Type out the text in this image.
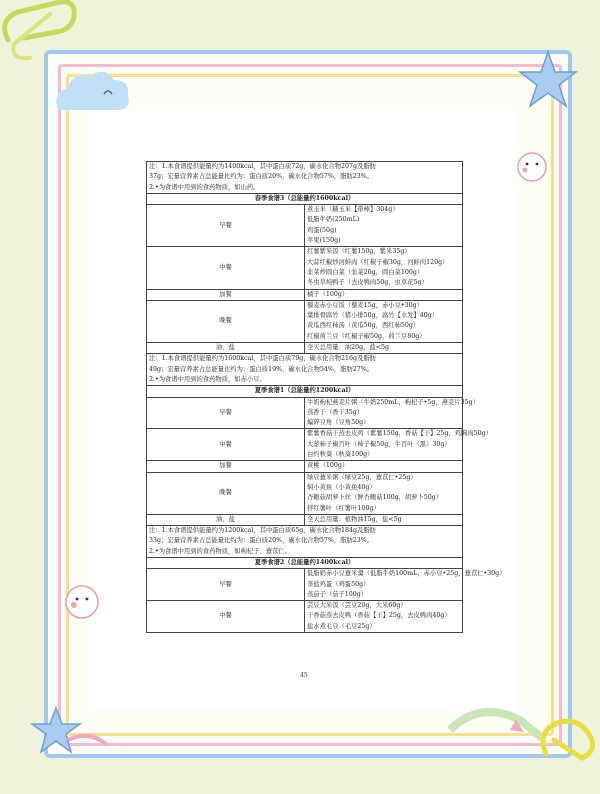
注：1.本食谱提供能量约为1400kcal，其中蛋白质72g，碳水化合物207g及脂肪
37g；宏量营养素占总能量比约为：蛋白质20%，碳水化合物57%，脂肪23%。
2.•为食谱中用到的食药物质，如山药。	

春季食谱3（总能量约1600kcal）	
早餐	煮玉米（糯玉米【带棒】304g）
低脂牛奶(250mL)
鸡蛋(50g)
苹果(150g)

中餐	红薯紫米饭（红薯150g，紫米35g）
大蒜红椒炒河蚌肉（红椒子椒30g，河蚌肉120g）
韭菜炒圆白菜（韭菜20g，圆白菜100g）
冬虫草炖鸭子（去皮鸭肉50g，虫草花5g）

加餐	橘子（100g）

晚餐	藜麦赤小豆饭（藜麦15g，赤小豆•30g）
葉排骨腐竹（猪小排50g，腐竹【水发】40g）
黄瓜西红柿汤（黄瓜50g，西红柿50g）
红椒荷兰豆（红椒子椒50g，荷兰豆80g）

油、盐	全天总用量：油20g，盐<5g

注：1.本食谱提供能量约为1600kcal，其中蛋白质79g，碳水化合物216g及脂肪
49g；宏量营养素占总能量比约为：蛋白质19%，碳水化合物54%，脂肪27%。
2.•为食谱中用到的食药物质，如赤小豆。	

夏季食谱1（总能量约1200kcal）	
早餐	牛奶枸杞燕麦片粥（牛奶250mL，枸杞子•5g，燕麦片35g）
蒸香干（香干35g）
煸碎豆角（豆角50g）

中餐	紫薯香菇干蒸去皮鸡（紫薯150g，香菇【干】25g，鸡胸肉50g）
大葱柿子椒百叶（柿子椒50g，牛百叶（黑）30g）
白灼秋葵（秋葵100g）

加餐	黄桃（100g）

晚餐	绿豆薏米粥（绿豆25g，薏苡仁•25g）
焖小黄鱼（小黄鱼40g）
杏鲍菇胡萝卜丝（鲜杏鲍菇100g，胡萝卜50g）
拌红薯叶（红薯叶100g）

油、盐	全天总用量：植物油15g，盐<5g

注：1.本食谱提供能量约为1200kcal，其中蛋白质65g，碳水化合物184g及脂肪
33g；宏量营养素占总能量比约为：蛋白质20%，碳水化合物57%，脂肪23%。
2.•为食谱中用到的食药物质，如枸杞子、薏苡仁。	

夏季食谱2（总能量约1400kcal）	
早餐	低脂奶赤小豆薏米羹（低脂牛奶100mL，赤小豆•25g，薏苡仁•30g）
茶盐鸡蛋（鸡蛋50g）
蒸茄子（茄子100g）

中餐	芸豆大米饭（芸豆20g，大米60g）
干香菇蒸去皮鸭（香菇【干】25g，去皮鸭肉40g）
盐水煮毛豆（毛豆25g）
45
